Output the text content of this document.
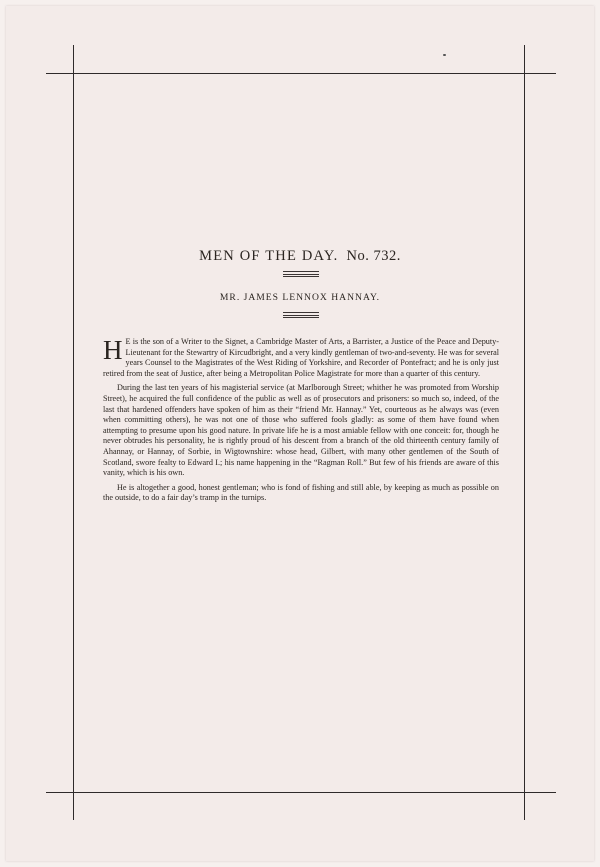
MEN OF THE DAY. No. 732.
MR. JAMES LENNOX HANNAY.

H E is the son of a Writer to the Signet, a Cambridge Master of Arts, a Barrister, a Justice of the Peace and Deputy-Lieutenant for the Stewartry of Kircudbright, and a very kindly gentleman of two-and-seventy. He was for several years Counsel to the Magistrates of the West Riding of Yorkshire, and Recorder of Pontefract; and he is only just retired from the seat of Justice, after being a Metropolitan Police Magistrate for more than a quarter of this century.

During the last ten years of his magisterial service (at Marlborough Street; whither he was promoted from Worship Street), he acquired the full confidence of the public as well as of prosecutors and prisoners: so much so, indeed, of the last that hardened offenders have spoken of him as their “friend Mr. Hannay.” Yet, courteous as he always was (even when committing others), he was not one of those who suffered fools gladly: as some of them have found when attempting to presume upon his good nature. In private life he is a most amiable fellow with one conceit: for, though he never obtrudes his personality, he is rightly proud of his descent from a branch of the old thirteenth century family of Ahannay, or Hannay, of Sorbie, in Wigtownshire: whose head, Gilbert, with many other gentlemen of the South of Scotland, swore fealty to Edward I.; his name happening in the “Ragman Roll.” But few of his friends are aware of this vanity, which is his own.

He is altogether a good, honest gentleman; who is fond of fishing and still able, by keeping as much as possible on the outside, to do a fair day’s tramp in the turnips.
